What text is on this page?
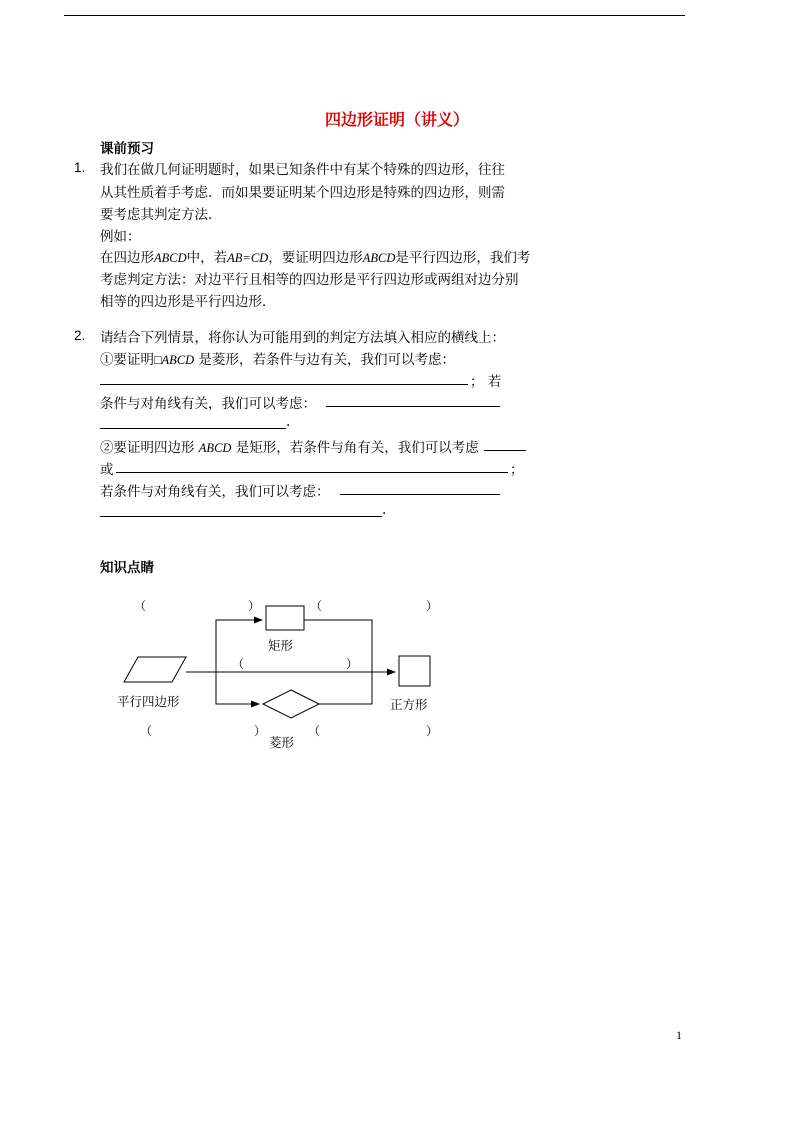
四边形证明（讲义）
课前预习
1. 我们在做几何证明题时，如果已知条件中有某个特殊的四边形，往往
从其性质着手考虑．而如果要证明某个四边形是特殊的四边形，则需
要考虑其判定方法．
例如：
在四边形ABCD中，若AB=CD，要证明四边形ABCD是平行四边形，我们考
考虑判定方法：对边平行且相等的四边形是平行四边形或两组对边分别
相等的四边形是平行四边形．
2. 请结合下列情景，将你认为可能用到的判定方法填入相应的横线上：
①要证明□ABCD 是菱形，若条件与边有关，我们可以考虑：
； 若
条件与对角线有关，我们可以考虑：
.
②要证明四边形 ABCD 是矩形，若条件与角有关，我们可以考虑
或	；
若条件与对角线有关，我们可以考虑：
.
知识点睛
矩形
平行四边形	正方形
菱形
（	）	（	）
（	）
（	）	（	）
1
